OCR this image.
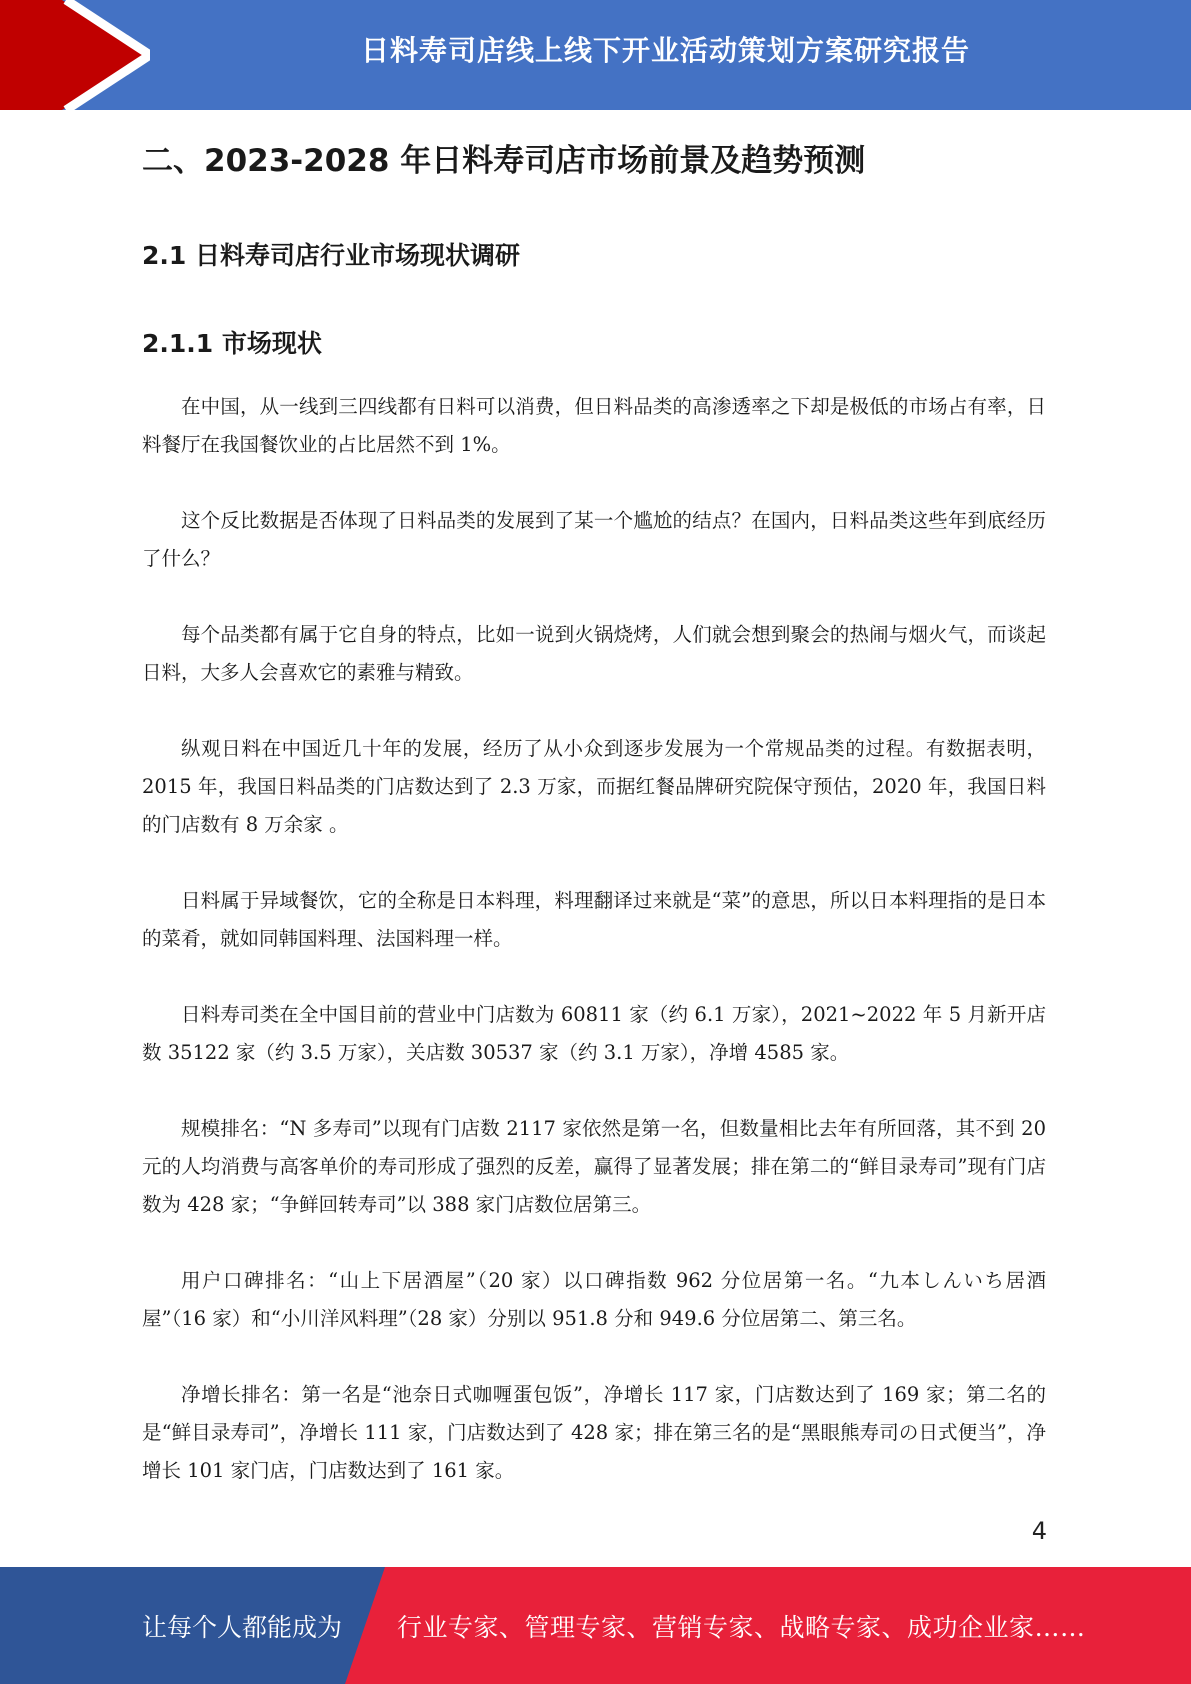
日料寿司店线上线下开业活动策划方案研究报告
二、2023-2028 年日料寿司店市场前景及趋势预测
2.1 日料寿司店行业市场现状调研
2.1.1 市场现状

在中国，从一线到三四线都有日料可以消费，但日料品类的高渗透率之下却是极低的市场占有率，日料餐厅在我国餐饮业的占比居然不到 1%。

这个反比数据是否体现了日料品类的发展到了某一个尴尬的结点？在国内，日料品类这些年到底经历了什么？

每个品类都有属于它自身的特点，比如一说到火锅烧烤，人们就会想到聚会的热闹与烟火气，而谈起日料，大多人会喜欢它的素雅与精致。

纵观日料在中国近几十年的发展，经历了从小众到逐步发展为一个常规品类的过程。有数据表明，2015 年，我国日料品类的门店数达到了 2.3 万家，而据红餐品牌研究院保守预估，2020 年，我国日料的门店数有 8 万余家 。

日料属于异域餐饮，它的全称是日本料理，料理翻译过来就是“菜”的意思，所以日本料理指的是日本的菜肴，就如同韩国料理、法国料理一样。

日料寿司类在全中国目前的营业中门店数为 60811 家（约 6.1 万家），2021~2022 年 5 月新开店数 35122 家（约 3.5 万家），关店数 30537 家（约 3.1 万家），净增 4585 家。

规模排名：“N 多寿司”以现有门店数 2117 家依然是第一名，但数量相比去年有所回落，其不到 20 元的人均消费与高客单价的寿司形成了强烈的反差，赢得了显著发展；排在第二的“鲜目录寿司”现有门店数为 428 家；“争鲜回转寿司”以 388 家门店数位居第三。

用户口碑排名：“山上下居酒屋”（20 家）以口碑指数 962 分位居第一名。“九本しんいち居酒屋”（16 家）和“小川洋风料理”（28 家）分别以 951.8 分和 949.6 分位居第二、第三名。

净增长排名：第一名是“池奈日式咖喱蛋包饭”，净增长 117 家，门店数达到了 169 家；第二名的是“鲜目录寿司”，净增长 111 家，门店数达到了 428 家；排在第三名的是“黑眼熊寿司の日式便当”，净增长 101 家门店，门店数达到了 161 家。

4
让每个人都能成为 行业专家、管理专家、营销专家、战略专家、成功企业家……
